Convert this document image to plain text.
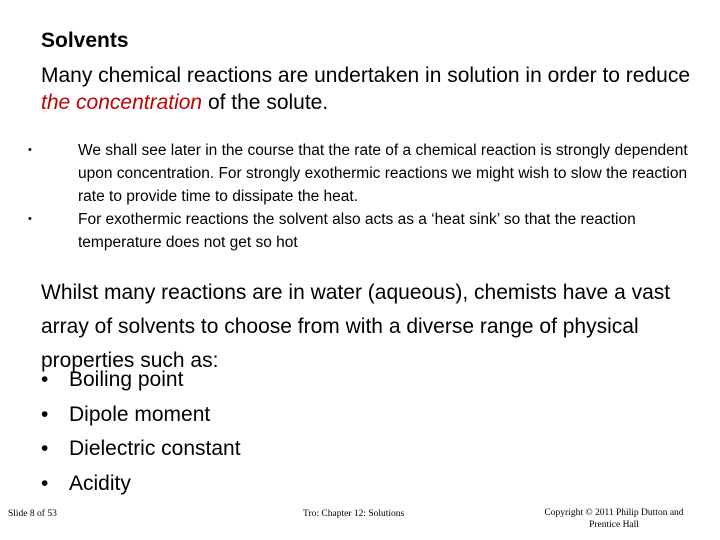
Solvents
Many chemical reactions are undertaken in solution in order to reduce the concentration of the solute.
•	We shall see later in the course that the rate of a chemical reaction is strongly dependent upon concentration. For strongly exothermic reactions we might wish to slow the reaction rate to provide time to dissipate the heat.
•	For exothermic reactions the solvent also acts as a ‘heat sink’ so that the reaction temperature does not get so hot
Whilst many reactions are in water (aqueous), chemists have a vast array of solvents to choose from with a diverse range of physical properties such as:
• Boiling point
• Dipole moment
• Dielectric constant
• Acidity
Slide 8 of 53	Tro: Chapter 12: Solutions	Copyright © 2011 Philip Dutton and Prentice Hall
